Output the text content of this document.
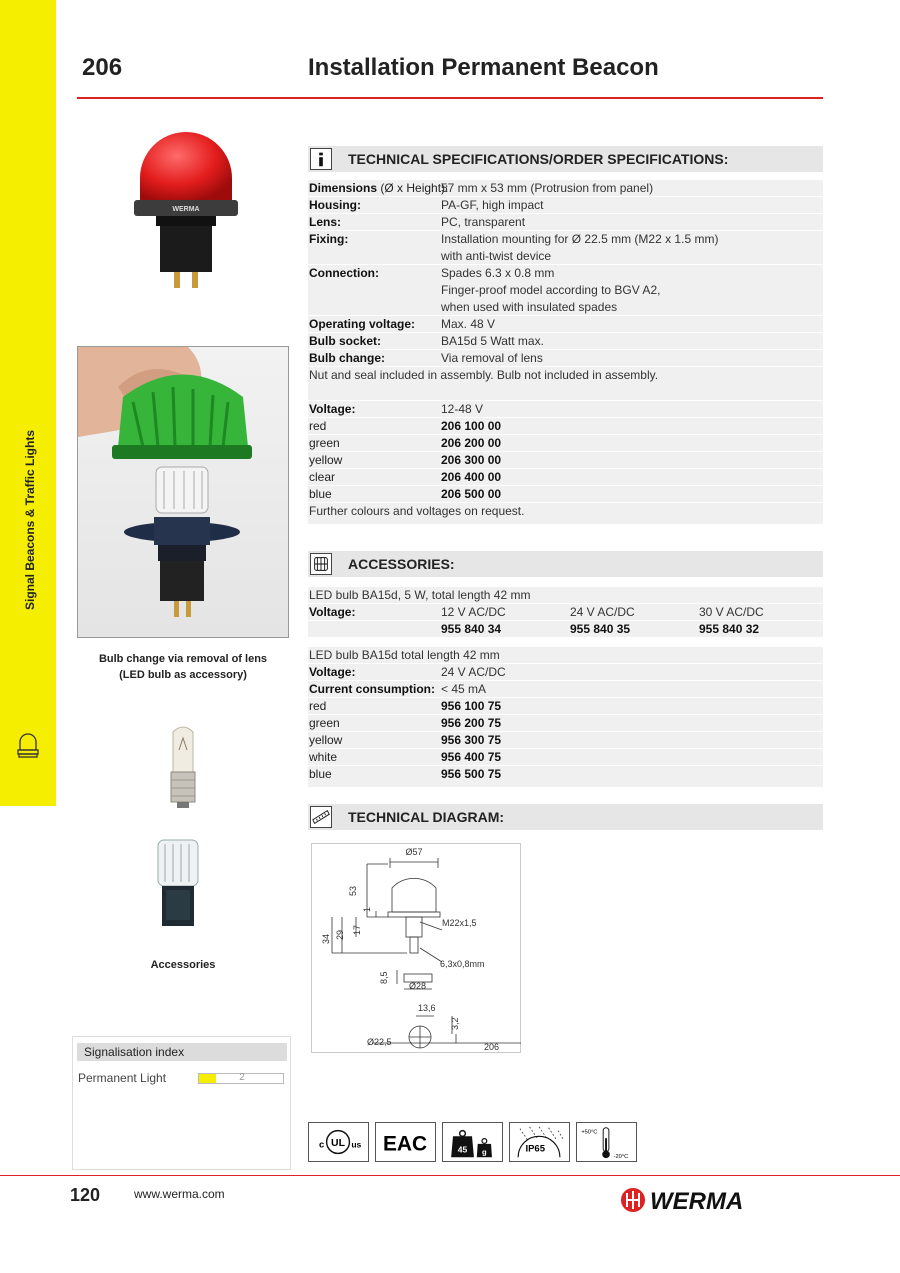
Signal Beacons & Traffic Lights
206	Installation Permanent Beacon
WERMA
Bulb change via removal of lens
(LED bulb as accessory)
Accessories
Signalisation index
Permanent Light	2
TECHNICAL SPECIFICATIONS/ORDER SPECIFICATIONS:
Dimensions (Ø x Height):
57 mm x 53 mm (Protrusion from panel)
Housing:	PA-GF, high impact
Lens:	PC, transparent
Fixing:	Installation mounting for Ø 22.5 mm (M22 x 1.5 mm)
with anti-twist device
Connection:	Spades 6.3 x 0.8 mm
Finger-proof model according to BGV A2,
when used with insulated spades
Operating voltage: Max. 48 V
Bulb socket:	BA15d 5 Watt max.
Bulb change:	Via removal of lens
Nut and seal included in assembly. Bulb not included in assembly.
Voltage:	12-48 V
red	206 100 00
green	206 200 00
yellow	206 300 00
clear	206 400 00
blue	206 500 00
Further colours and voltages on request.
ACCESSORIES:
LED bulb BA15d, 5 W, total length 42 mm
Voltage:	12 V AC/DC	24 V AC/DC	30 V AC/DC
955 840 34	955 840 35	955 840 32
LED bulb BA15d total length 42 mm
Voltage:	24 V AC/DC
Current consumption: < 45 mA
red	956 100 75
green	956 200 75
yellow	956 300 75
white	956 400 75
blue	956 500 75
TECHNICAL DIAGRAM:
Ø57
53
1
17
29
34
M22x1,5
6,3x0,8mm
8,5
Ø28
13,6
3,2
Ø22,5	206
UL
c	us EAC	45 g	IP65
+50°C
-20°C
120	www.werma.com	WERMA
